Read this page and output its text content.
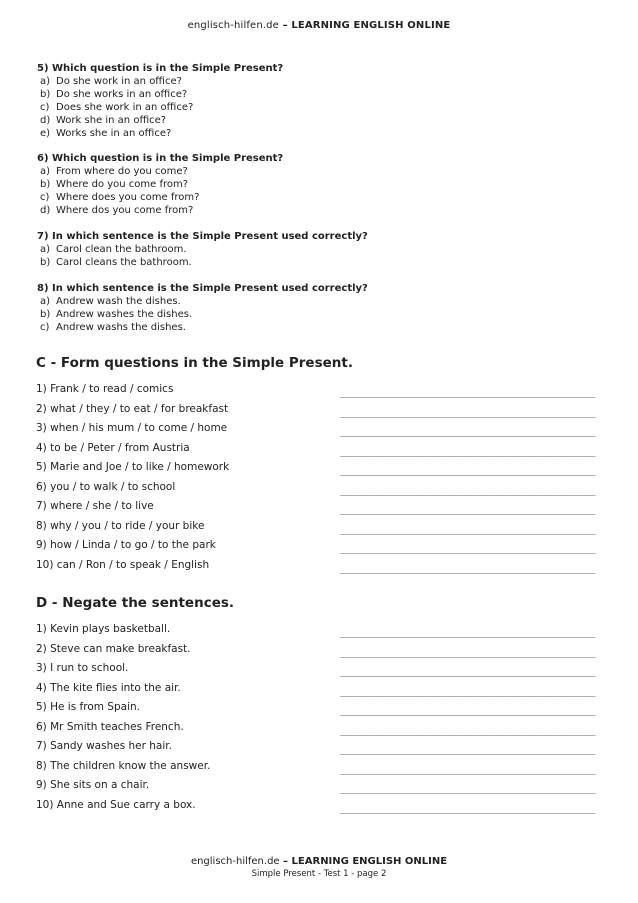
englisch-hilfen.de – LEARNING ENGLISH ONLINE
5) Which question is in the Simple Present?
a) Do she work in an office?
b) Do she works in an office?
c) Does she work in an office?
d) Work she in an office?
e) Works she in an office?
6) Which question is in the Simple Present?
a) From where do you come?
b) Where do you come from?
c) Where does you come from?
d) Where dos you come from?
7) In which sentence is the Simple Present used correctly?
a) Carol clean the bathroom.
b) Carol cleans the bathroom.
8) In which sentence is the Simple Present used correctly?
a) Andrew wash the dishes.
b) Andrew washes the dishes.
c) Andrew washs the dishes.
C - Form questions in the Simple Present.
1) Frank / to read / comics	_______________________________________________
2) what / they / to eat / for breakfast	_______________________________________________
3) when / his mum / to come / home	_______________________________________________
4) to be / Peter / from Austria	_______________________________________________
5) Marie and Joe / to like / homework	_______________________________________________
6) you / to walk / to school	_______________________________________________
7) where / she / to live	_______________________________________________
8) why / you / to ride / your bike	_______________________________________________
9) how / Linda / to go / to the park	_______________________________________________
10) can / Ron / to speak / English	_______________________________________________
D - Negate the sentences.
1) Kevin plays basketball.	_______________________________________________
2) Steve can make breakfast.	_______________________________________________
3) I run to school.	_______________________________________________
4) The kite flies into the air.	_______________________________________________
5) He is from Spain.	_______________________________________________
6) Mr Smith teaches French.	_______________________________________________
7) Sandy washes her hair.	_______________________________________________
8) The children know the answer.	_______________________________________________
9) She sits on a chair.	_______________________________________________
10) Anne and Sue carry a box.	_______________________________________________
englisch-hilfen.de – LEARNING ENGLISH ONLINE
Simple Present - Test 1 - page 2
